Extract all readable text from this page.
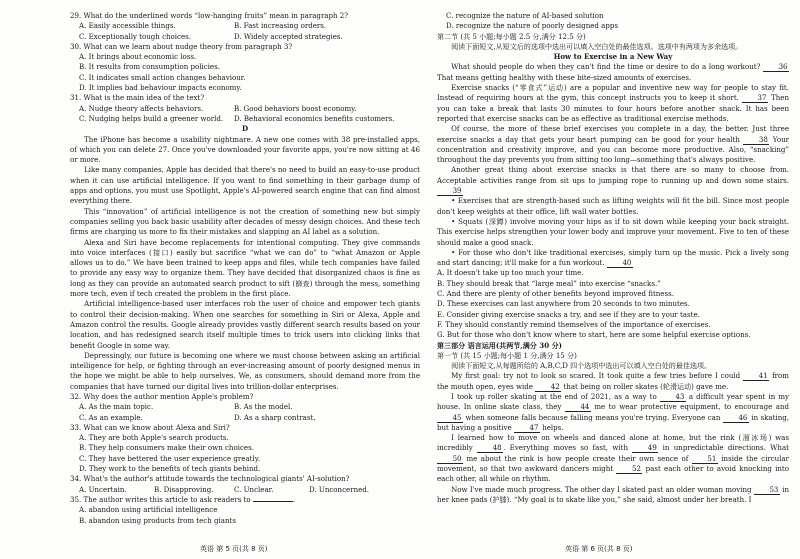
29. What do the underlined words “low-hanging fruits” mean in paragraph 2?

A. Easily accessible things.	B. Fast increasing orders.

C. Exceptionally tough choices.	D. Widely accepted strategies.

30. What can we learn about nudge theory from paragraph 3?

A. It brings about economic loss.

B. It results from consumption policies.

C. It indicates small action changes behaviour.

D. It implies bad behaviour impacts economy.

31. What is the main idea of the text?

A. Nudge theory affects behaviors.	B. Good behaviors boost economy.

C. Nudging helps build a greener world.	D. Behavioral economics benefits customers.

D

The iPhone has become a usability nightmare. A new one comes with 38 pre-installed apps, of which you can delete 27. Once you've downloaded your favorite apps, you're now sitting at 46 or more.

Like many companies, Apple has decided that there's no need to build an easy-to-use product when it can use artificial intelligence. If you want to find something in their garbage dump of apps and options, you must use Spotlight, Apple's AI-powered search engine that can find almost everything there.

This “innovation” of artificial intelligence is not the creation of something new but simply companies selling you back basic usability after decades of messy design choices. And these tech firms are charging us more to fix their mistakes and slapping an AI label as a solution.

Alexa and Siri have become replacements for intentional computing. They give commands into voice interfaces (接口) easily but sacrifice “what we can do” to “what Amazon or Apple allows us to do.” We have been trained to keep apps and files, while tech companies have failed to provide any easy way to organize them. They have decided that disorganized chaos is fine as long as they can provide an automated search product to sift (篩查) through the mess, something more tech, even if tech created the problem in the first place.

Artificial intelligence-based user interfaces rob the user of choice and empower tech giants to control their decision-making. When one searches for something in Siri or Alexa, Apple and Amazon control the results. Google already provides vastly different search results based on your location, and has redesigned search itself multiple times to trick users into clicking links that benefit Google in some way.

Depressingly, our future is becoming one where we must choose between asking an artificial intelligence for help, or fighting through an ever-increasing amount of poorly designed menus in the hope we might be able to help ourselves. We, as consumers, should demand more from the companies that have turned our digital lives into trillion-dollar enterprises.

32. Why does the author mention Apple's problem?

A. As the main topic.	B. As the model.

C. As an example.	D. As a sharp contrast.

33. What can we know about Alexa and Siri?

A. They are both Apple's search products.

B. They help consumers make their own choices.

C. They have bettered the user experience greatly.

D. They work to the benefits of tech giants behind.

34. What's the author's attitude towards the technological giants' AI-solution?

A. Uncertain.	B. Disapproving.	C. Unclear.	D. Unconcerned.

35. The author writes this article to ask readers to	.

A. abandon using artificial intelligence

B. abandon using products from tech giants

C. recognize the nature of AI-based solution

D. recognize the nature of poorly designed apps

第二节 (共 5 小题;每小题 2.5 分,满分 12.5 分)

阅读下面短文,从短文后的选项中选出可以填入空白处的最佳选项。选项中有两项为多余选项。

How to Exercise in a New Way

What should people do when they can't find the time or desire to do a long workout?	36 That means getting healthy with these bite-sized amounts of exercises.

Exercise snacks (“零食式”运动) are a popular and inventive new way for people to stay fit. Instead of requiring hours at the gym, this concept instructs you to keep it short.	37 Then you can take a break that lasts 30 minutes to four hours before another snack. It has been reported that exercise snacks can be as effective as traditional exercise methods.

Of course, the more of these brief exercises you complete in a day, the better. Just three exercise snacks a day that gets your heart pumping can be good for your health	38 Your concentration and creativity improve, and you can become more productive. Also, “snacking” throughout the day prevents you from sitting too long—something that's always positive.

Another great thing about exercise snacks is that there are so many to choose from. Acceptable activities range from sit ups to jumping rope to running up and down some stairs. 39

• Exercises that are strength-based such as lifting weights will fit the bill. Since most people don't keep weights at their office, lift wall water bottles.

• Squats (深蹲) involve moving your hips as if to sit down while keeping your back straight. This exercise helps strengthen your lower body and improve your movement. Five to ten of these should make a good snack.

• For those who don't like traditional exercises, simply turn up the music. Pick a lively song and start dancing; it'll make for a fun workout.	40

A. It doesn't take up too much your time.

B. They should break that “large meal” into exercise “snacks.”

C. And there are plenty of other benefits beyond improved fitness.

D. These exercises can last anywhere from 20 seconds to two minutes.

E. Consider giving exercise snacks a try, and see if they are to your taste.

F. They should constantly remind themselves of the importance of exercises.

G. But for those who don't know where to start, here are some helpful exercise options.

第三部分 语言运用(共两节,满分 30 分)

第一节 (共 15 小题;每小题 1 分,满分 15 分)

阅读下面短文,从每题所给的 A,B,C,D 四个选项中选出可以填入空白处的最佳选项。

My first goal: try not to look so scared. It took quite a few tries before I could	41 from the mouth open, eyes wide	42 that being on roller skates (轮滑运动) gave me.

I took up roller skating at the end of 2021, as a way to	43 a difficult year spent in my house. In online skate class, they	44 me to wear protective equipment, to encourage and 45 when someone falls because falling means you're trying. Everyone can	46 in skating, but having a positive	47 helps.

I learned how to move on wheels and danced alone at home, but the rink (溜冰场) was incredibly	48. Everything moves so fast, with	49 in unpredictable directions. What 50 me about the rink is how people create their own sence of	51 inside the circular movement, so that two awkward dancers might	52 past each other to avoid knocking into each other, all while on rhythm.

Now I've made much progress. The other day I skated past an older woman moving	53 in her knee pads (护膝). “My goal is to skate like you,” she said, almost under her breath. I

英语 第 5 页(共 8 页)	英语 第 6 页(共 8 页)
